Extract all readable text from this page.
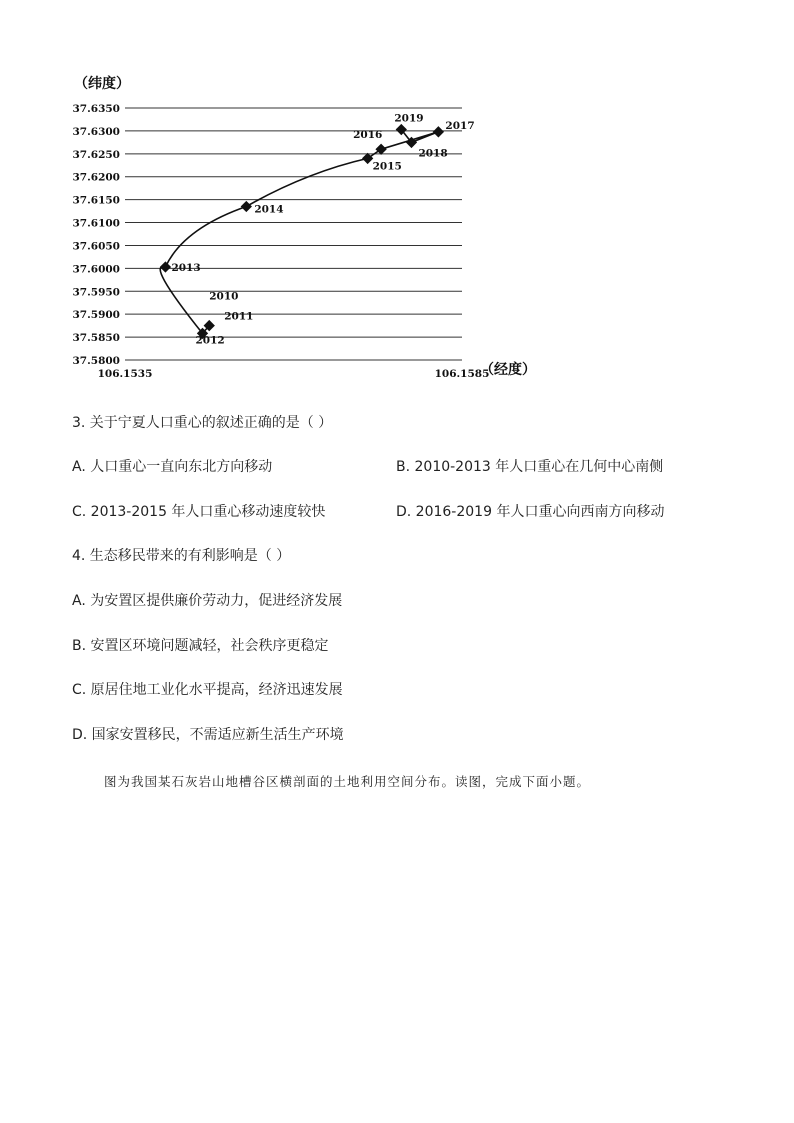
（纬度）
37.6350
37.6300
37.6250
37.6200
37.6150
37.6100
37.6050
37.6000
37.5950
37.5900
37.5850
37.5800
106.1535	106.1585
2010
2011
2012
2013
2014
2015
2016
2017
2018
2019
（经度）
3. 关于宁夏人口重心的叙述正确的是（ ）
A. 人口重心一直向东北方向移动	B. 2010-2013 年人口重心在几何中心南侧
C. 2013-2015 年人口重心移动速度较快	D. 2016-2019 年人口重心向西南方向移动
4. 生态移民带来的有利影响是（ ）
A. 为安置区提供廉价劳动力，促进经济发展
B. 安置区环境问题减轻，社会秩序更稳定
C. 原居住地工业化水平提高，经济迅速发展
D. 国家安置移民，不需适应新生活生产环境
图为我国某石灰岩山地槽谷区横剖面的土地利用空间分布。读图，完成下面小题。
